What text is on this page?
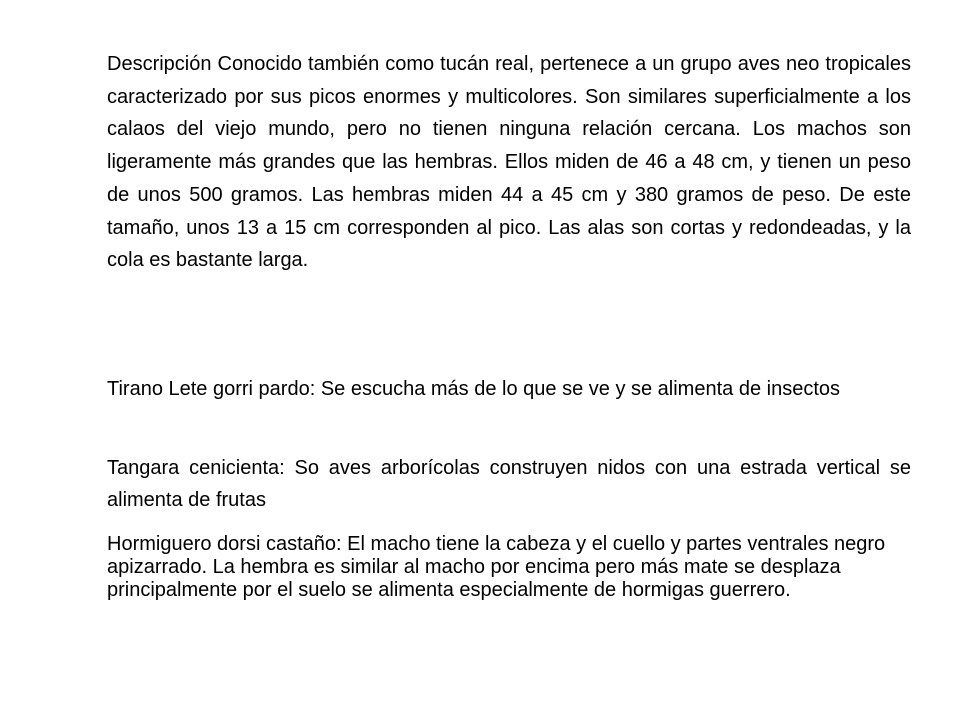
Descripción Conocido también como tucán real, pertenece a un grupo aves neo tropicales caracterizado por sus picos enormes y multicolores. Son similares superficialmente a los calaos del viejo mundo, pero no tienen ninguna relación cercana. Los machos son ligeramente más grandes que las hembras. Ellos miden de 46 a 48 cm, y tienen un peso de unos 500 gramos. Las hembras miden 44 a 45 cm y 380 gramos de peso. De este tamaño, unos 13 a 15 cm corresponden al pico. Las alas son cortas y redondeadas, y la cola es bastante larga.

Tirano Lete gorri pardo: Se escucha más de lo que se ve y se alimenta de insectos

Tangara cenicienta: So aves arborícolas construyen nidos con una estrada vertical se alimenta de frutas

Hormiguero dorsi castaño: El macho tiene la cabeza y el cuello y partes ventrales negro apizarrado. La hembra es similar al macho por encima pero más mate se desplaza principalmente por el suelo se alimenta especialmente de hormigas guerrero.
